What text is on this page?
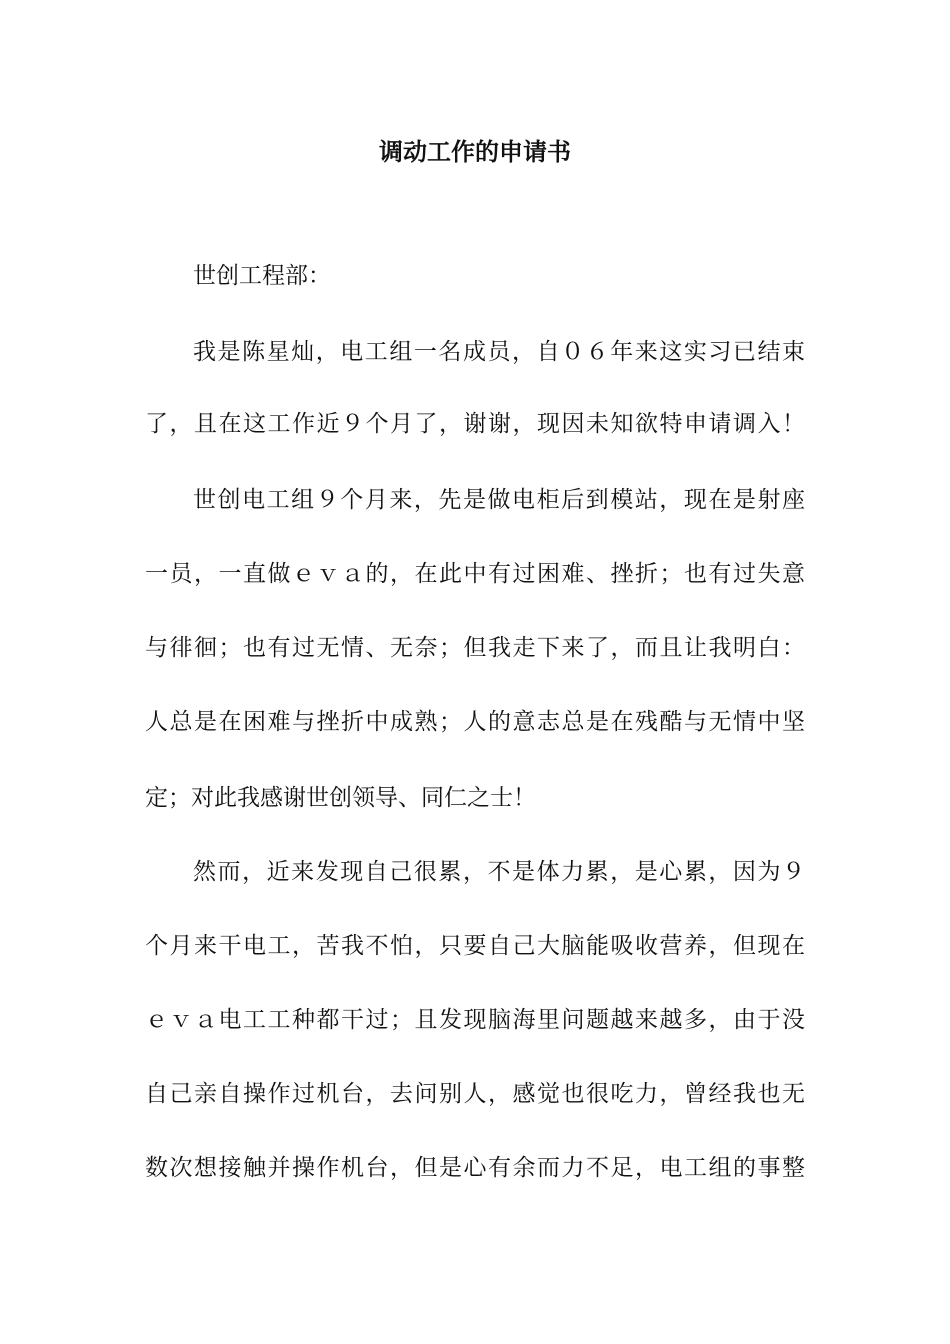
调动工作的申请书
世创工程部：
我是陈星灿，电工组一名成员，自０６年来这实习已结束
了，且在这工作近９个月了，谢谢，现因未知欲特申请调入！
世创电工组９个月来，先是做电柜后到模站，现在是射座
一员，一直做ｅｖａ的，在此中有过困难、挫折；也有过失意
与徘徊；也有过无情、无奈；但我走下来了，而且让我明白：
人总是在困难与挫折中成熟；人的意志总是在残酷与无情中坚
定；对此我感谢世创领导、同仁之士！
然而，近来发现自己很累，不是体力累，是心累，因为９
个月来干电工，苦我不怕，只要自己大脑能吸收营养，但现在
ｅｖａ电工工种都干过；且发现脑海里问题越来越多，由于没
自己亲自操作过机台，去问别人，感觉也很吃力，曾经我也无
数次想接触并操作机台，但是心有余而力不足，电工组的事整
